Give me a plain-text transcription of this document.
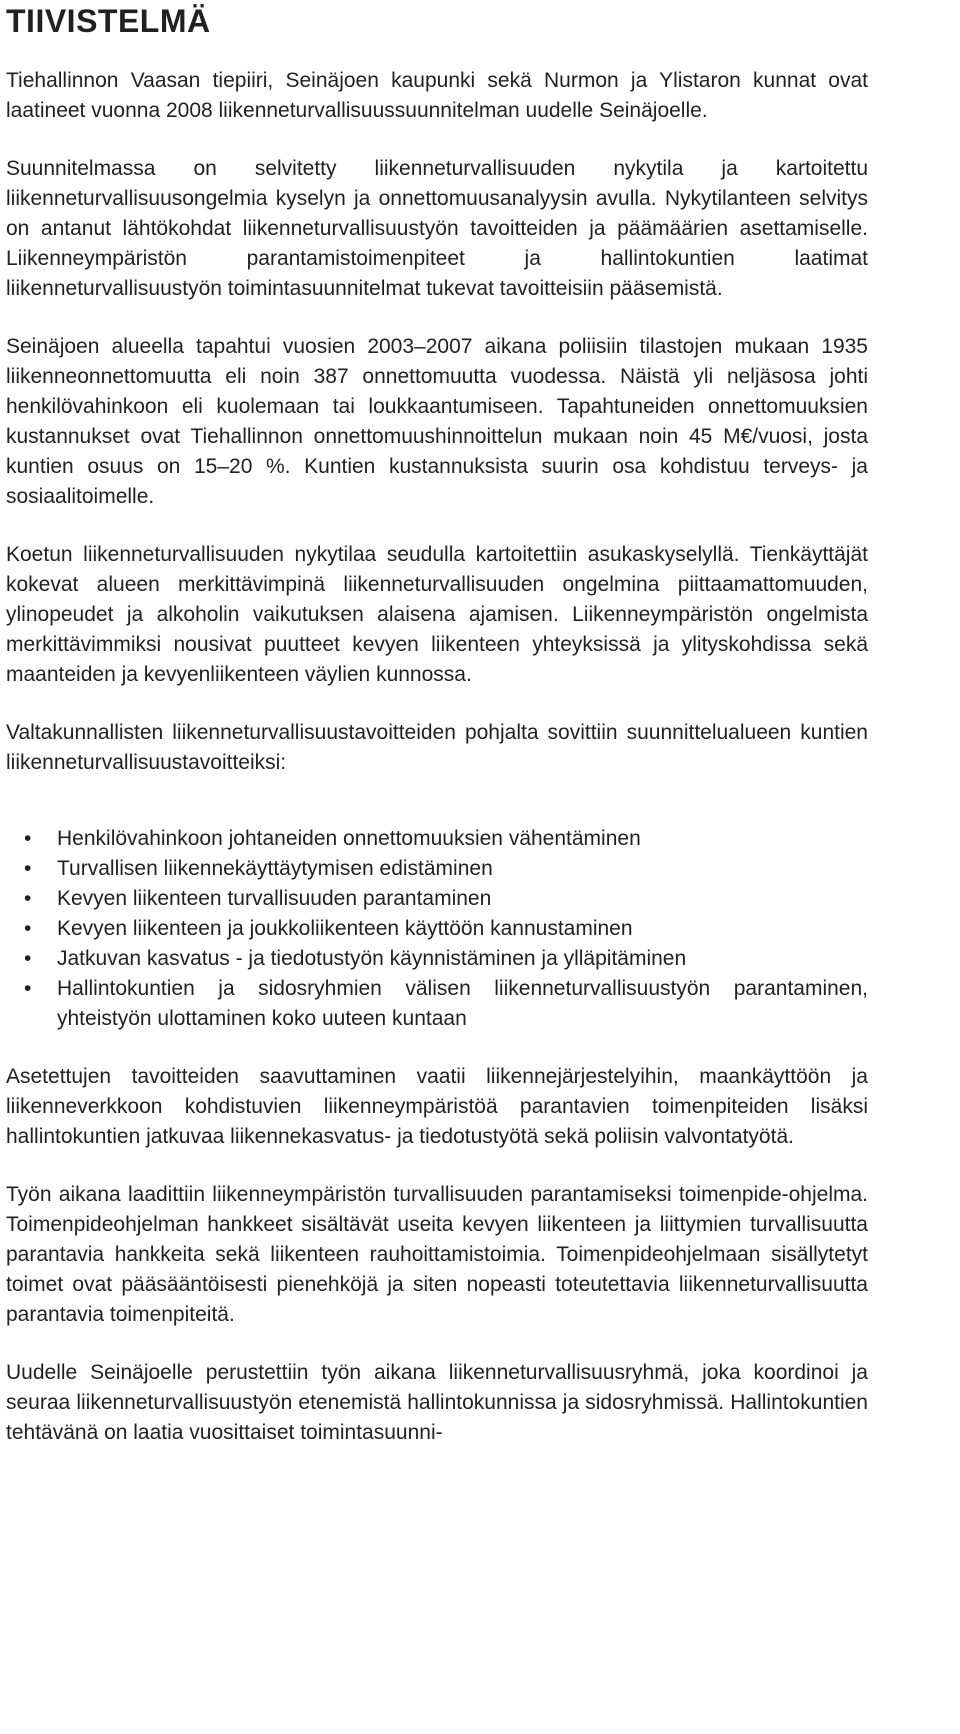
TIIVISTELMÄ

Tiehallinnon Vaasan tiepiiri, Seinäjoen kaupunki sekä Nurmon ja Ylistaron kunnat ovat laatineet vuonna 2008 liikenneturvallisuussuunnitelman uudelle Seinäjoelle.

Suunnitelmassa on selvitetty liikenneturvallisuuden nykytila ja kartoitettu liikenneturvallisuusongelmia kyselyn ja onnettomuusanalyysin avulla. Nykytilanteen selvitys on antanut lähtökohdat liikenneturvallisuustyön tavoitteiden ja päämäärien asettamiselle. Liikenneympäristön parantamistoimenpiteet ja hallintokuntien laatimat liikenneturvallisuustyön toimintasuunnitelmat tukevat tavoitteisiin pääsemistä.

Seinäjoen alueella tapahtui vuosien 2003–2007 aikana poliisiin tilastojen mukaan 1935 liikenneonnettomuutta eli noin 387 onnettomuutta vuodessa. Näistä yli neljäsosa johti henkilövahinkoon eli kuolemaan tai loukkaantumiseen. Tapahtuneiden onnettomuuksien kustannukset ovat Tiehallinnon onnettomuushinnoittelun mukaan noin 45 M€/vuosi, josta kuntien osuus on 15–20 %. Kuntien kustannuksista suurin osa kohdistuu terveys- ja sosiaalitoimelle.

Koetun liikenneturvallisuuden nykytilaa seudulla kartoitettiin asukaskyselyllä. Tienkäyttäjät kokevat alueen merkittävimpinä liikenneturvallisuuden ongelmina piittaamattomuuden, ylinopeudet ja alkoholin vaikutuksen alaisena ajamisen. Liikenneympäristön ongelmista merkittävimmiksi nousivat puutteet kevyen liikenteen yhteyksissä ja ylityskohdissa sekä maanteiden ja kevyenliikenteen väylien kunnossa.

Valtakunnallisten liikenneturvallisuustavoitteiden pohjalta sovittiin suunnittelualueen kuntien liikenneturvallisuustavoitteiksi:

• Henkilövahinkoon johtaneiden onnettomuuksien vähentäminen
• Turvallisen liikennekäyttäytymisen edistäminen
• Kevyen liikenteen turvallisuuden parantaminen
• Kevyen liikenteen ja joukkoliikenteen käyttöön kannustaminen
• Jatkuvan kasvatus - ja tiedotustyön käynnistäminen ja ylläpitäminen
• Hallintokuntien ja sidosryhmien välisen liikenneturvallisuustyön parantaminen, yhteistyön ulottaminen koko uuteen kuntaan

Asetettujen tavoitteiden saavuttaminen vaatii liikennejärjestelyihin, maankäyttöön ja liikenneverkkoon kohdistuvien liikenneympäristöä parantavien toimenpiteiden lisäksi hallintokuntien jatkuvaa liikennekasvatus- ja tiedotustyötä sekä poliisin valvontatyötä.

Työn aikana laadittiin liikenneympäristön turvallisuuden parantamiseksi toimenpide-ohjelma. Toimenpideohjelman hankkeet sisältävät useita kevyen liikenteen ja liittymien turvallisuutta parantavia hankkeita sekä liikenteen rauhoittamistoimia. Toimenpideohjelmaan sisällytetyt toimet ovat pääsääntöisesti pienehköjä ja siten nopeasti toteutettavia liikenneturvallisuutta parantavia toimenpiteitä.

Uudelle Seinäjoelle perustettiin työn aikana liikenneturvallisuusryhmä, joka koordinoi ja seuraa liikenneturvallisuustyön etenemistä hallintokunnissa ja sidosryhmissä. Hallintokuntien tehtävänä on laatia vuosittaiset toimintasuunni-
